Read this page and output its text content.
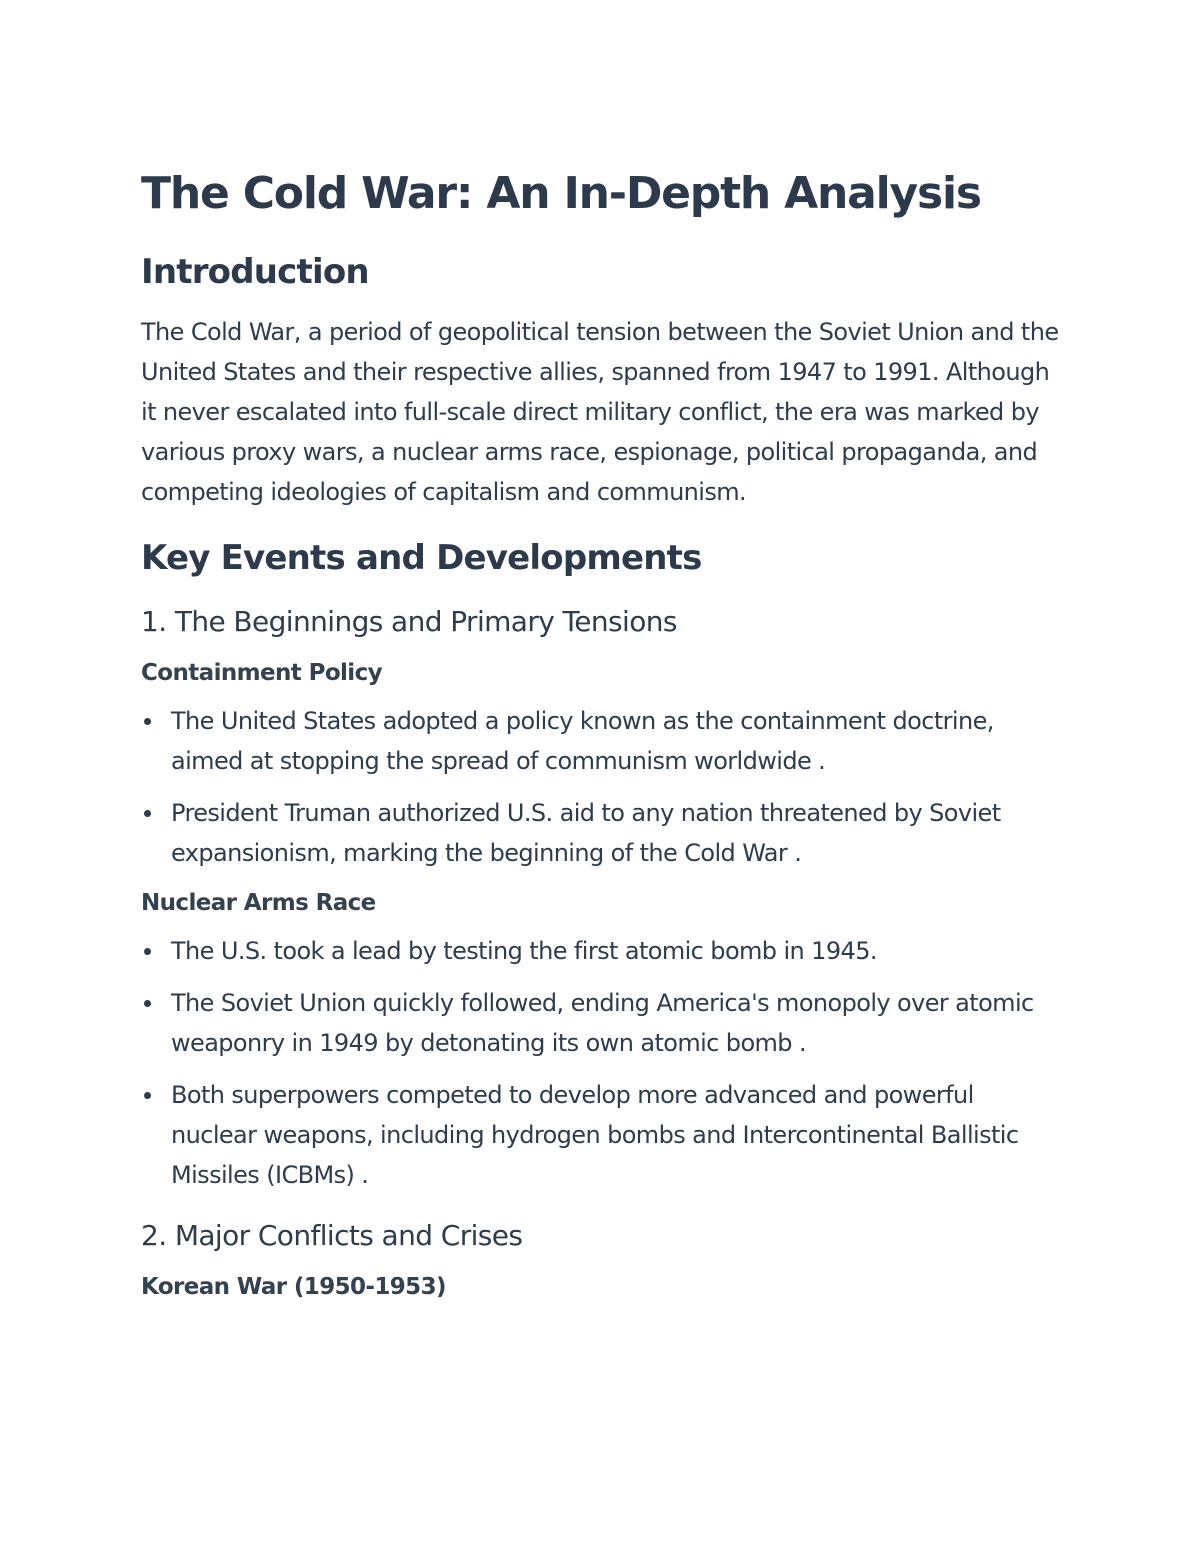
The Cold War: An In-Depth Analysis
Introduction

The Cold War, a period of geopolitical tension between the Soviet Union and the United States and their respective allies, spanned from 1947 to 1991. Although it never escalated into full-scale direct military conflict, the era was marked by various proxy wars, a nuclear arms race, espionage, political propaganda, and competing ideologies of capitalism and communism.

Key Events and Developments
1. The Beginnings and Primary Tensions
Containment Policy
The United States adopted a policy known as the containment doctrine, aimed at stopping the spread of communism worldwide .
President Truman authorized U.S. aid to any nation threatened by Soviet expansionism, marking the beginning of the Cold War .
Nuclear Arms Race
The U.S. took a lead by testing the first atomic bomb in 1945.
The Soviet Union quickly followed, ending America's monopoly over atomic weaponry in 1949 by detonating its own atomic bomb .
Both superpowers competed to develop more advanced and powerful nuclear weapons, including hydrogen bombs and Intercontinental Ballistic Missiles (ICBMs) .
2. Major Conflicts and Crises
Korean War (1950-1953)
